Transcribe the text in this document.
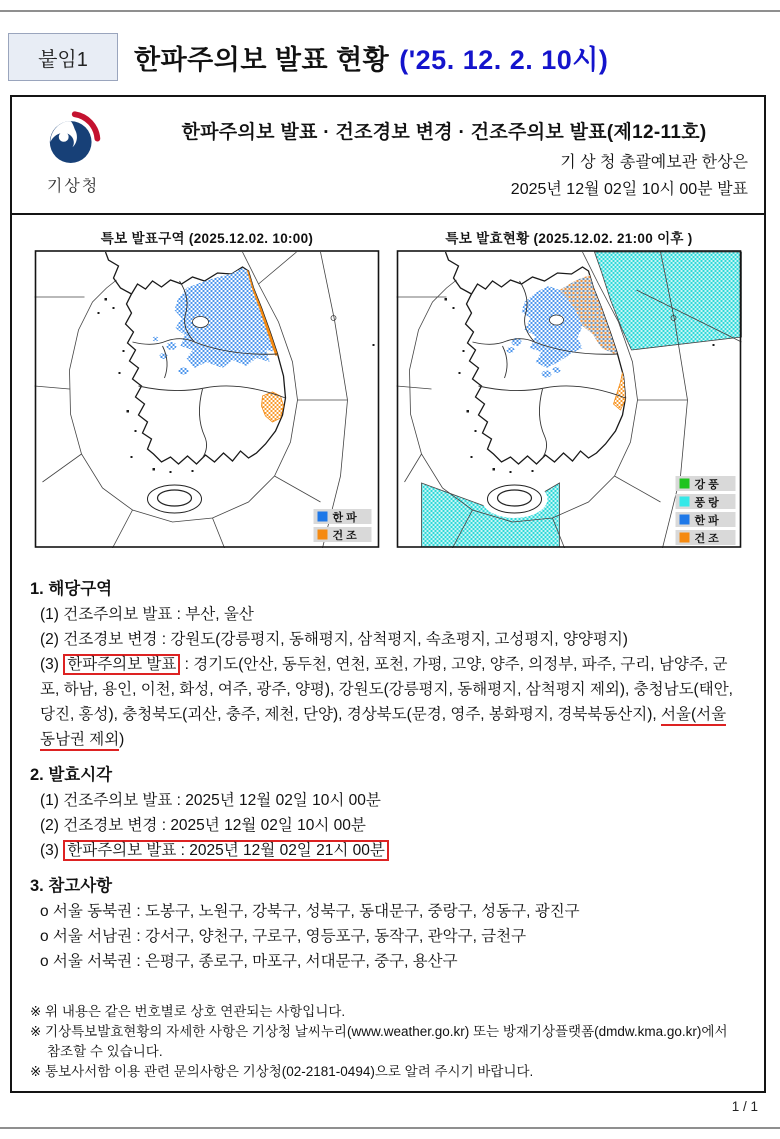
붙임1	한파주의보 발표 현황 ('25. 12. 2. 10시)
기상청
한파주의보 발표 · 건조경보 변경 · 건조주의보 발표(제12-11호)
기 상 청 총괄예보관 한상은
2025년 12월 02일 10시 00분 발표
특보 발표구역 (2025.12.02. 10:00)
한 파
건 조
특보 발효현황 (2025.12.02. 21:00 이후 )
강 풍
풍 랑
한 파
건 조
1. 해당구역

(1) 건조주의보 발표 : 부산, 울산

(2) 건조경보 변경 : 강원도(강릉평지, 동해평지, 삼척평지, 속초평지, 고성평지, 양양평지)

(3) 한파주의보 발표 : 경기도(안산, 동두천, 연천, 포천, 가평, 고양, 양주, 의정부, 파주, 구리, 남양주, 군포, 하남, 용인, 이천, 화성, 여주, 광주, 양평), 강원도(강릉평지, 동해평지, 삼척평지 제외), 충청남도(태안, 당진, 홍성), 충청북도(괴산, 충주, 제천, 단양), 경상북도(문경, 영주, 봉화평지, 경북북동산지), 서울(서울동남권 제외)

2. 발효시각

(1) 건조주의보 발표 : 2025년 12월 02일 10시 00분

(2) 건조경보 변경 : 2025년 12월 02일 10시 00분

(3) 한파주의보 발표 : 2025년 12월 02일 21시 00분

3. 참고사항

o 서울 동북권 : 도봉구, 노원구, 강북구, 성북구, 동대문구, 중랑구, 성동구, 광진구

o 서울 서남권 : 강서구, 양천구, 구로구, 영등포구, 동작구, 관악구, 금천구

o 서울 서북권 : 은평구, 종로구, 마포구, 서대문구, 중구, 용산구

※ 위 내용은 같은 번호별로 상호 연관되는 사항입니다.

※ 기상특보발효현황의 자세한 사항은 기상청 날씨누리(www.weather.go.kr) 또는 방재기상플랫폼(dmdw.kma.go.kr)에서 참조할 수 있습니다.

※ 통보사서함 이용 관련 문의사항은 기상청(02-2181-0494)으로 알려 주시기 바랍니다.

1 / 1
